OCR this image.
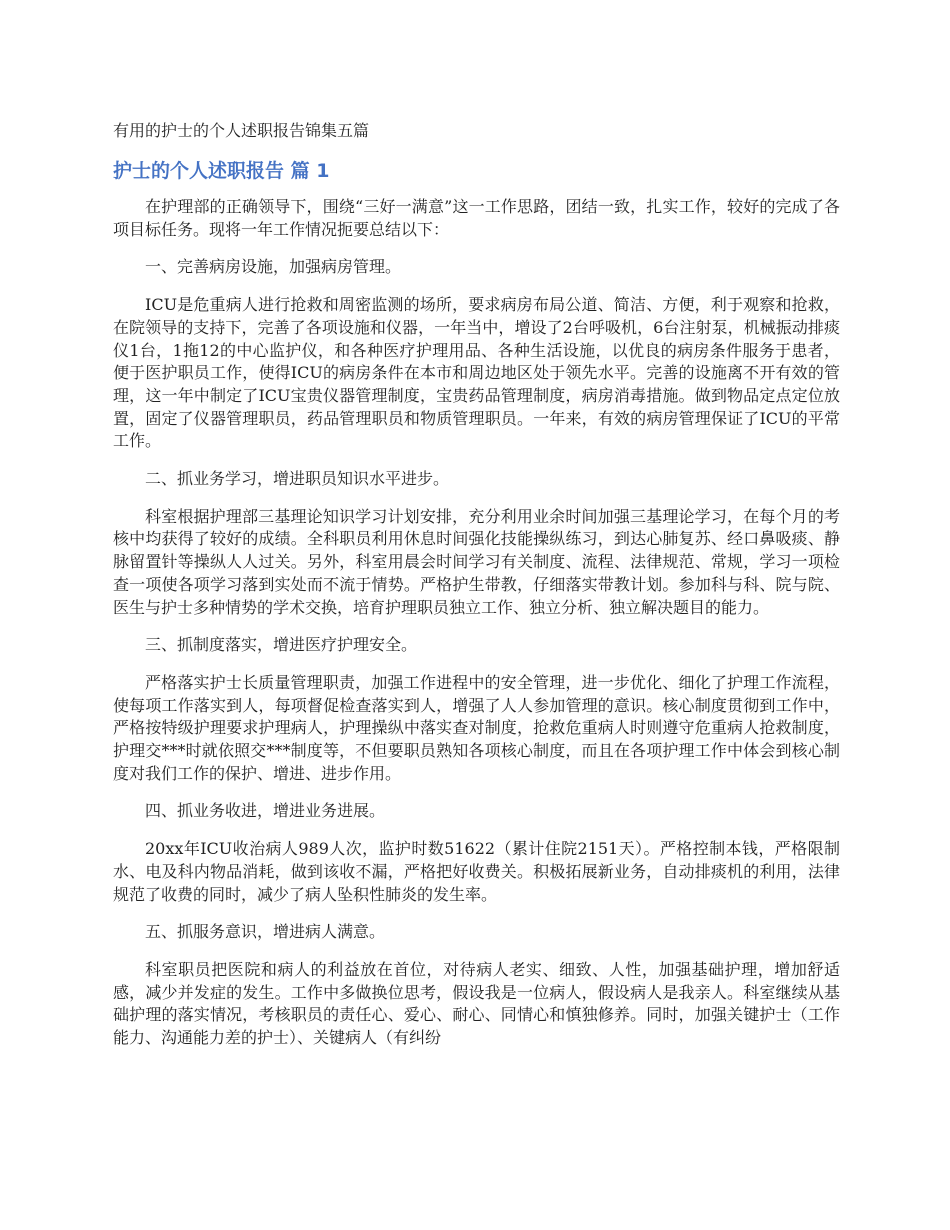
有用的护士的个人述职报告锦集五篇
护士的个人述职报告 篇 1

在护理部的正确领导下，围绕“三好一满意”这一工作思路，团结一致，扎实工作，较好的完成了各项目标任务。现将一年工作情况扼要总结以下：

一、完善病房设施，加强病房管理。

ICU是危重病人进行抢救和周密监测的场所，要求病房布局公道、简洁、方便，利于观察和抢救，在院领导的支持下，完善了各项设施和仪器，一年当中，增设了2台呼吸机，6台注射泵，机械振动排痰仪1台，1拖12的中心监护仪，和各种医疗护理用品、各种生活设施，以优良的病房条件服务于患者，便于医护职员工作，使得ICU的病房条件在本市和周边地区处于领先水平。完善的设施离不开有效的管理，这一年中制定了ICU宝贵仪器管理制度，宝贵药品管理制度，病房消毒措施。做到物品定点定位放置，固定了仪器管理职员，药品管理职员和物质管理职员。一年来，有效的病房管理保证了ICU的平常工作。

二、抓业务学习，增进职员知识水平进步。

科室根据护理部三基理论知识学习计划安排，充分利用业余时间加强三基理论学习，在每个月的考核中均获得了较好的成绩。全科职员利用休息时间强化技能操纵练习，到达心肺复苏、经口鼻吸痰、静脉留置针等操纵人人过关。另外，科室用晨会时间学习有关制度、流程、法律规范、常规，学习一项检查一项使各项学习落到实处而不流于情势。严格护生带教，仔细落实带教计划。参加科与科、院与院、医生与护士多种情势的学术交换，培育护理职员独立工作、独立分析、独立解决题目的能力。

三、抓制度落实，增进医疗护理安全。

严格落实护士长质量管理职责，加强工作进程中的安全管理，进一步优化、细化了护理工作流程，使每项工作落实到人，每项督促检查落实到人，增强了人人参加管理的意识。核心制度贯彻到工作中，严格按特级护理要求护理病人，护理操纵中落实查对制度，抢救危重病人时则遵守危重病人抢救制度，护理交***时就依照交***制度等，不但要职员熟知各项核心制度，而且在各项护理工作中体会到核心制度对我们工作的保护、增进、进步作用。

四、抓业务收进，增进业务进展。

20xx年ICU收治病人989人次，监护时数51622（累计住院2151天）。严格控制本钱，严格限制水、电及科内物品消耗，做到该收不漏，严格把好收费关。积极拓展新业务，自动排痰机的利用，法律规范了收费的同时，减少了病人坠积性肺炎的发生率。

五、抓服务意识，增进病人满意。

科室职员把医院和病人的利益放在首位，对待病人老实、细致、人性，加强基础护理，增加舒适感，减少并发症的发生。工作中多做换位思考，假设我是一位病人，假设病人是我亲人。科室继续从基础护理的落实情况，考核职员的责任心、爱心、耐心、同情心和慎独修养。同时，加强关键护士（工作能力、沟通能力差的护士）、关键病人（有纠纷
